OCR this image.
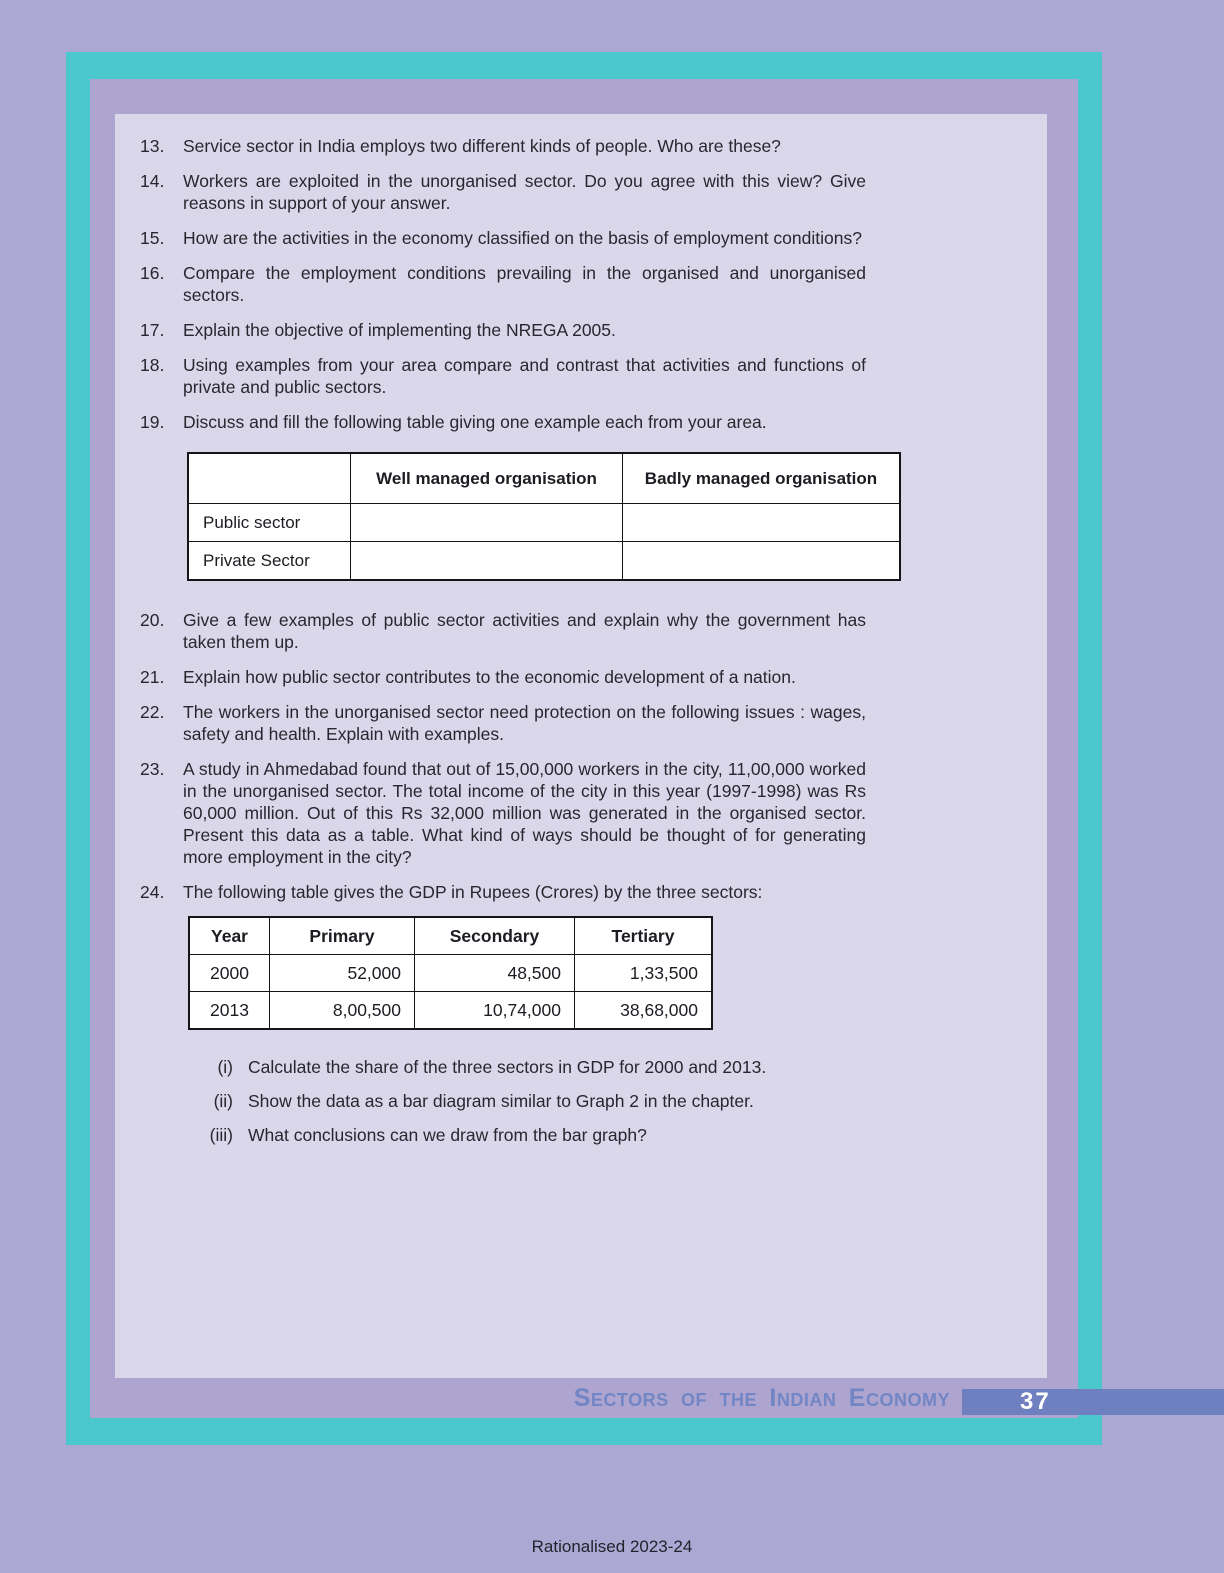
13.	Service sector in India employs two different kinds of people. Who are these?
14.	Workers are exploited in the unorganised sector. Do you agree with this view? Give reasons in support of your answer.
15.	How are the activities in the economy classified on the basis of employment conditions?
16.	Compare the employment conditions prevailing in the organised and unorganised sectors.
17.	Explain the objective of implementing the NREGA 2005.
18.	Using examples from your area compare and contrast that activities and functions of private and public sectors.
19.	Discuss and fill the following table giving one example each from your area.
	Well managed organisation	Badly managed organisation
Public sector		
Private Sector		
20.	Give a few examples of public sector activities and explain why the government has taken them up.
21.	Explain how public sector contributes to the economic development of a nation.
22.	The workers in the unorganised sector need protection on the following issues : wages, safety and health. Explain with examples.
23.	A study in Ahmedabad found that out of 15,00,000 workers in the city, 11,00,000 worked in the unorganised sector. The total income of the city in this year (1997-1998) was Rs 60,000 million. Out of this Rs 32,000 million was generated in the organised sector. Present this data as a table. What kind of ways should be thought of for generating more employment in the city?
24.	The following table gives the GDP in Rupees (Crores) by the three sectors:
Year	Primary	Secondary	Tertiary
2000	52,000	48,500	1,33,500
2013	8,00,500	10,74,000	38,68,000
(i) Calculate the share of the three sectors in GDP for 2000 and 2013.
(ii) Show the data as a bar diagram similar to Graph 2 in the chapter.
(iii) What conclusions can we draw from the bar graph?
Sectors of the Indian Economy	37
Rationalised 2023-24
